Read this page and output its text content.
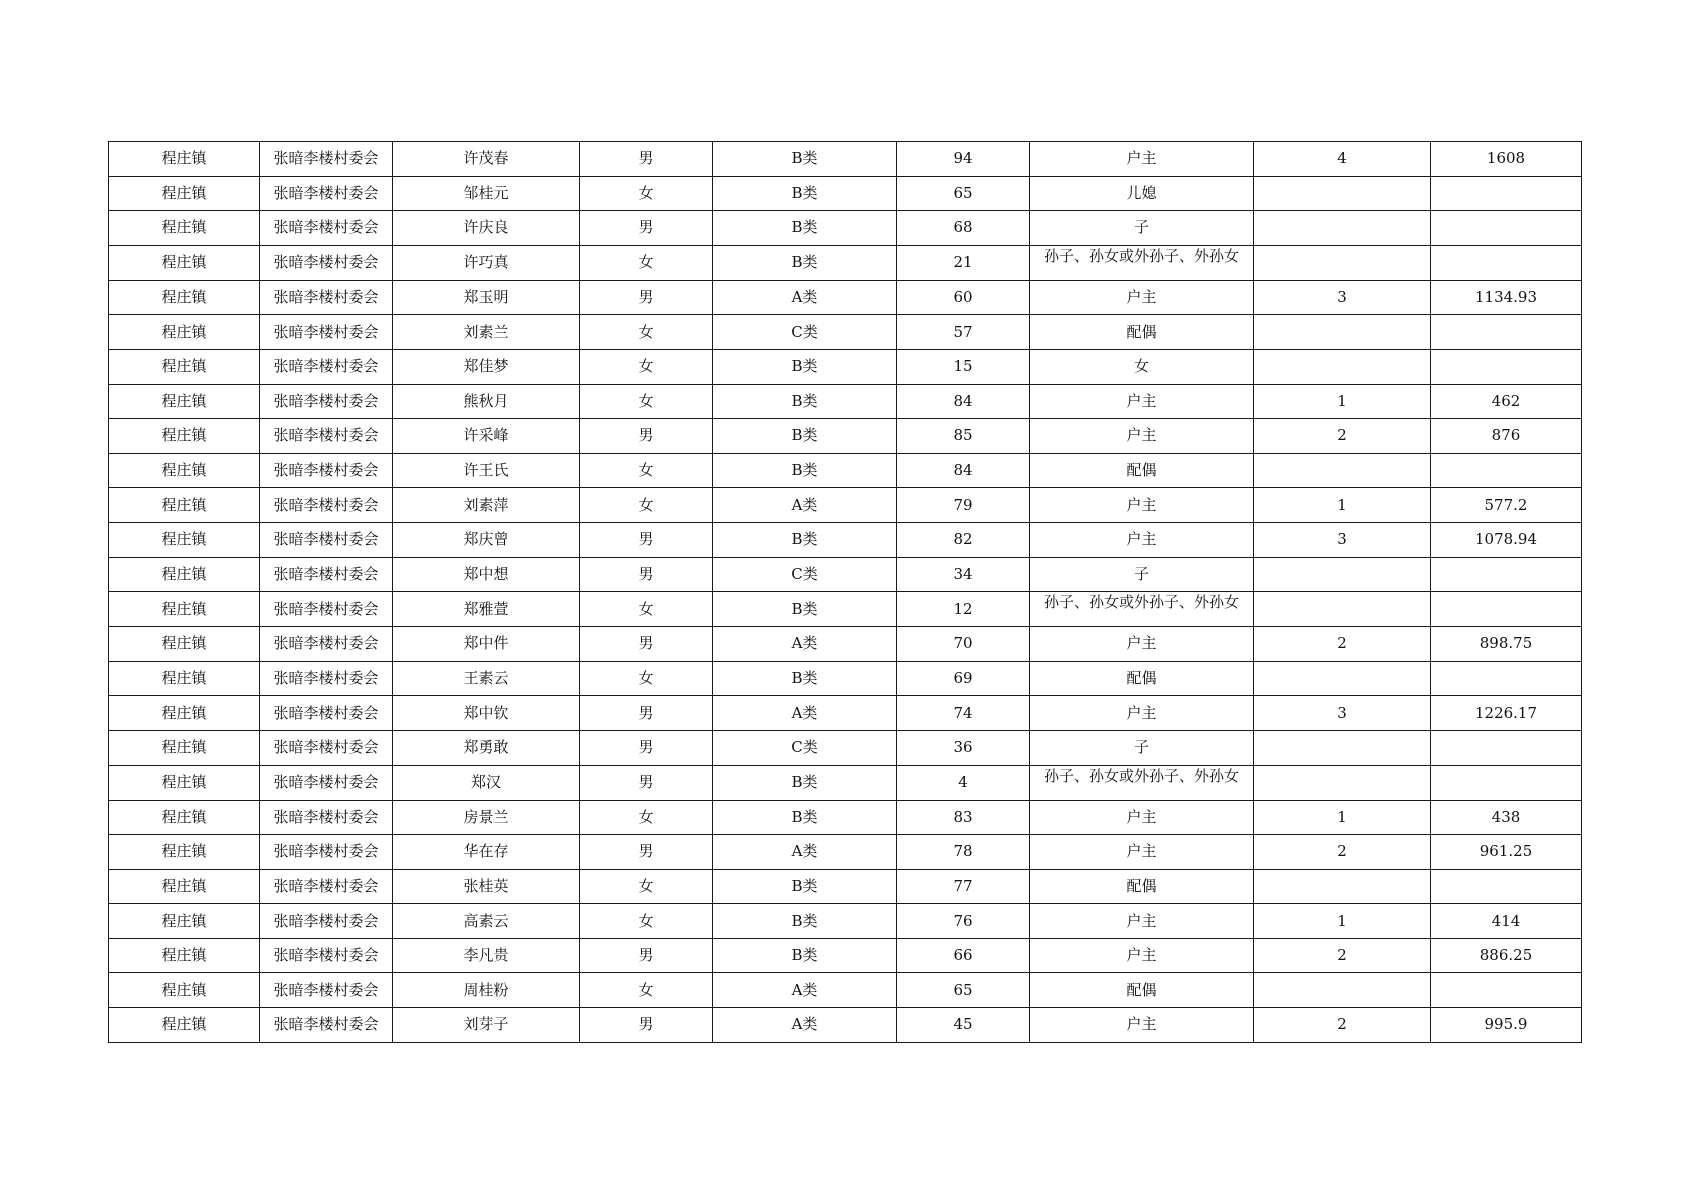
程庄镇	张暗李楼村委会	许茂春	男	B类	94	户主	4	1608
程庄镇	张暗李楼村委会	邹桂元	女	B类	65	儿媳		
程庄镇	张暗李楼村委会	许庆良	男	B类	68	子		
程庄镇	张暗李楼村委会	许巧真	女	B类	21	孙子、孙女或外孙子、外孙女		

程庄镇	张暗李楼村委会	郑玉明	男	A类	60	户主	3	1134.93
程庄镇	张暗李楼村委会	刘素兰	女	C类	57	配偶		
程庄镇	张暗李楼村委会	郑佳梦	女	B类	15	女		
程庄镇	张暗李楼村委会	熊秋月	女	B类	84	户主	1	462
程庄镇	张暗李楼村委会	许采峰	男	B类	85	户主	2	876
程庄镇	张暗李楼村委会	许王氏	女	B类	84	配偶		
程庄镇	张暗李楼村委会	刘素萍	女	A类	79	户主	1	577.2
程庄镇	张暗李楼村委会	郑庆曾	男	B类	82	户主	3	1078.94
程庄镇	张暗李楼村委会	郑中想	男	C类	34	子		
程庄镇	张暗李楼村委会	郑雅萱	女	B类	12	孙子、孙女或外孙子、外孙女		

程庄镇	张暗李楼村委会	郑中件	男	A类	70	户主	2	898.75
程庄镇	张暗李楼村委会	王素云	女	B类	69	配偶		
程庄镇	张暗李楼村委会	郑中钦	男	A类	74	户主	3	1226.17
程庄镇	张暗李楼村委会	郑勇敢	男	C类	36	子		
程庄镇	张暗李楼村委会	郑汉	男	B类	4	孙子、孙女或外孙子、外孙女		

程庄镇	张暗李楼村委会	房景兰	女	B类	83	户主	1	438
程庄镇	张暗李楼村委会	华在存	男	A类	78	户主	2	961.25
程庄镇	张暗李楼村委会	张桂英	女	B类	77	配偶		
程庄镇	张暗李楼村委会	高素云	女	B类	76	户主	1	414
程庄镇	张暗李楼村委会	李凡贵	男	B类	66	户主	2	886.25
程庄镇	张暗李楼村委会	周桂粉	女	A类	65	配偶		
程庄镇	张暗李楼村委会	刘芽子	男	A类	45	户主	2	995.9
